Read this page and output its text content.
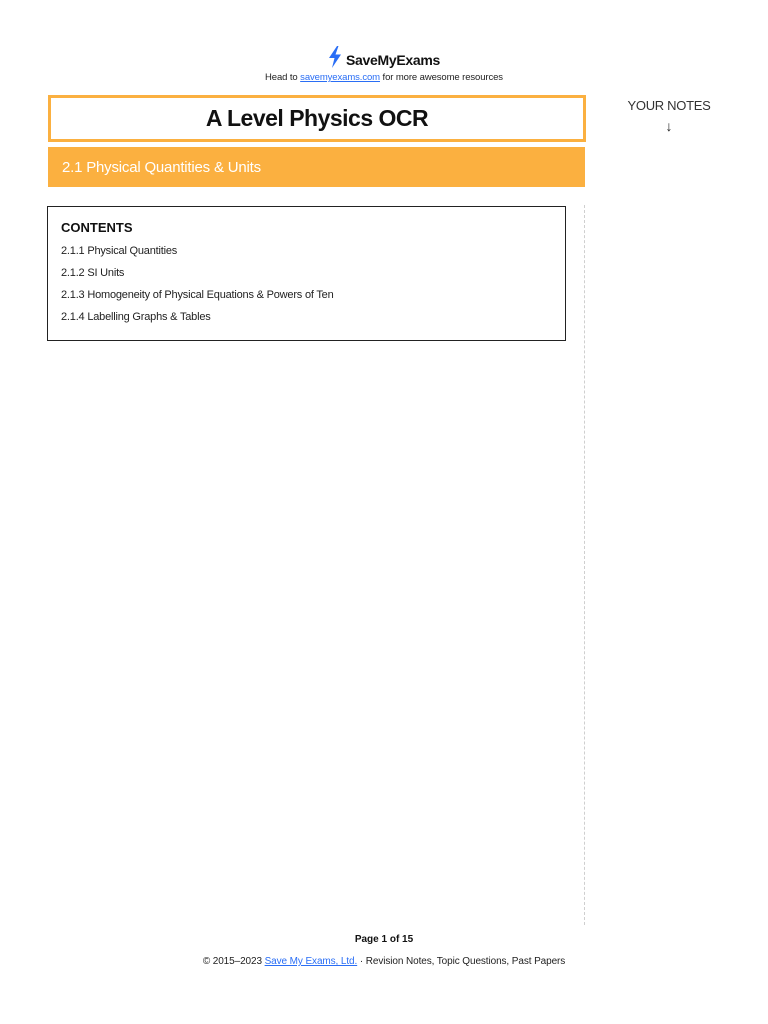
SaveMyExams
Head to savemyexams.com for more awesome resources
A Level Physics OCR
2.1 Physical Quantities & Units
YOUR NOTES
↓
CONTENTS
2.1.1 Physical Quantities
2.1.2 SI Units
2.1.3 Homogeneity of Physical Equations & Powers of Ten
2.1.4 Labelling Graphs & Tables
Page 1 of 15
© 2015–2023 Save My Exams, Ltd. · Revision Notes, Topic Questions, Past Papers
